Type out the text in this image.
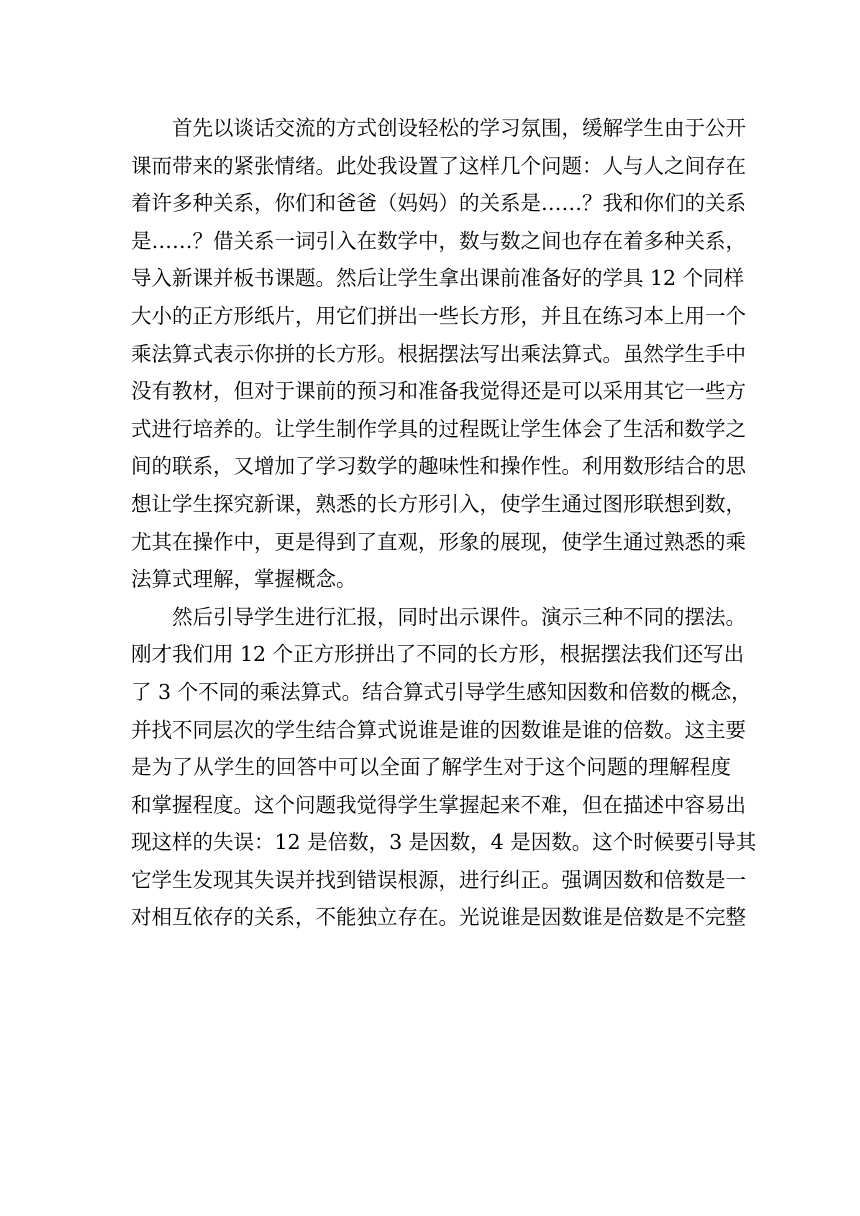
首先以谈话交流的方式创设轻松的学习氛围，缓解学生由于公开
课而带来的紧张情绪。此处我设置了这样几个问题：人与人之间存在
着许多种关系，你们和爸爸（妈妈）的关系是……？我和你们的关系
是……？借关系一词引入在数学中，数与数之间也存在着多种关系，
导入新课并板书课题。然后让学生拿出课前准备好的学具 12 个同样
大小的正方形纸片，用它们拼出一些长方形，并且在练习本上用一个
乘法算式表示你拼的长方形。根据摆法写出乘法算式。虽然学生手中
没有教材，但对于课前的预习和准备我觉得还是可以采用其它一些方
式进行培养的。让学生制作学具的过程既让学生体会了生活和数学之
间的联系，又增加了学习数学的趣味性和操作性。利用数形结合的思
想让学生探究新课，熟悉的长方形引入，使学生通过图形联想到数，
尤其在操作中，更是得到了直观，形象的展现，使学生通过熟悉的乘
法算式理解，掌握概念。
然后引导学生进行汇报，同时出示课件。演示三种不同的摆法。
刚才我们用 12 个正方形拼出了不同的长方形，根据摆法我们还写出
了 3 个不同的乘法算式。结合算式引导学生感知因数和倍数的概念，
并找不同层次的学生结合算式说谁是谁的因数谁是谁的倍数。这主要
是为了从学生的回答中可以全面了解学生对于这个问题的理解程度
和掌握程度。这个问题我觉得学生掌握起来不难，但在描述中容易出
现这样的失误：12 是倍数，3 是因数，4 是因数。这个时候要引导其
它学生发现其失误并找到错误根源，进行纠正。强调因数和倍数是一
对相互依存的关系，不能独立存在。光说谁是因数谁是倍数是不完整
